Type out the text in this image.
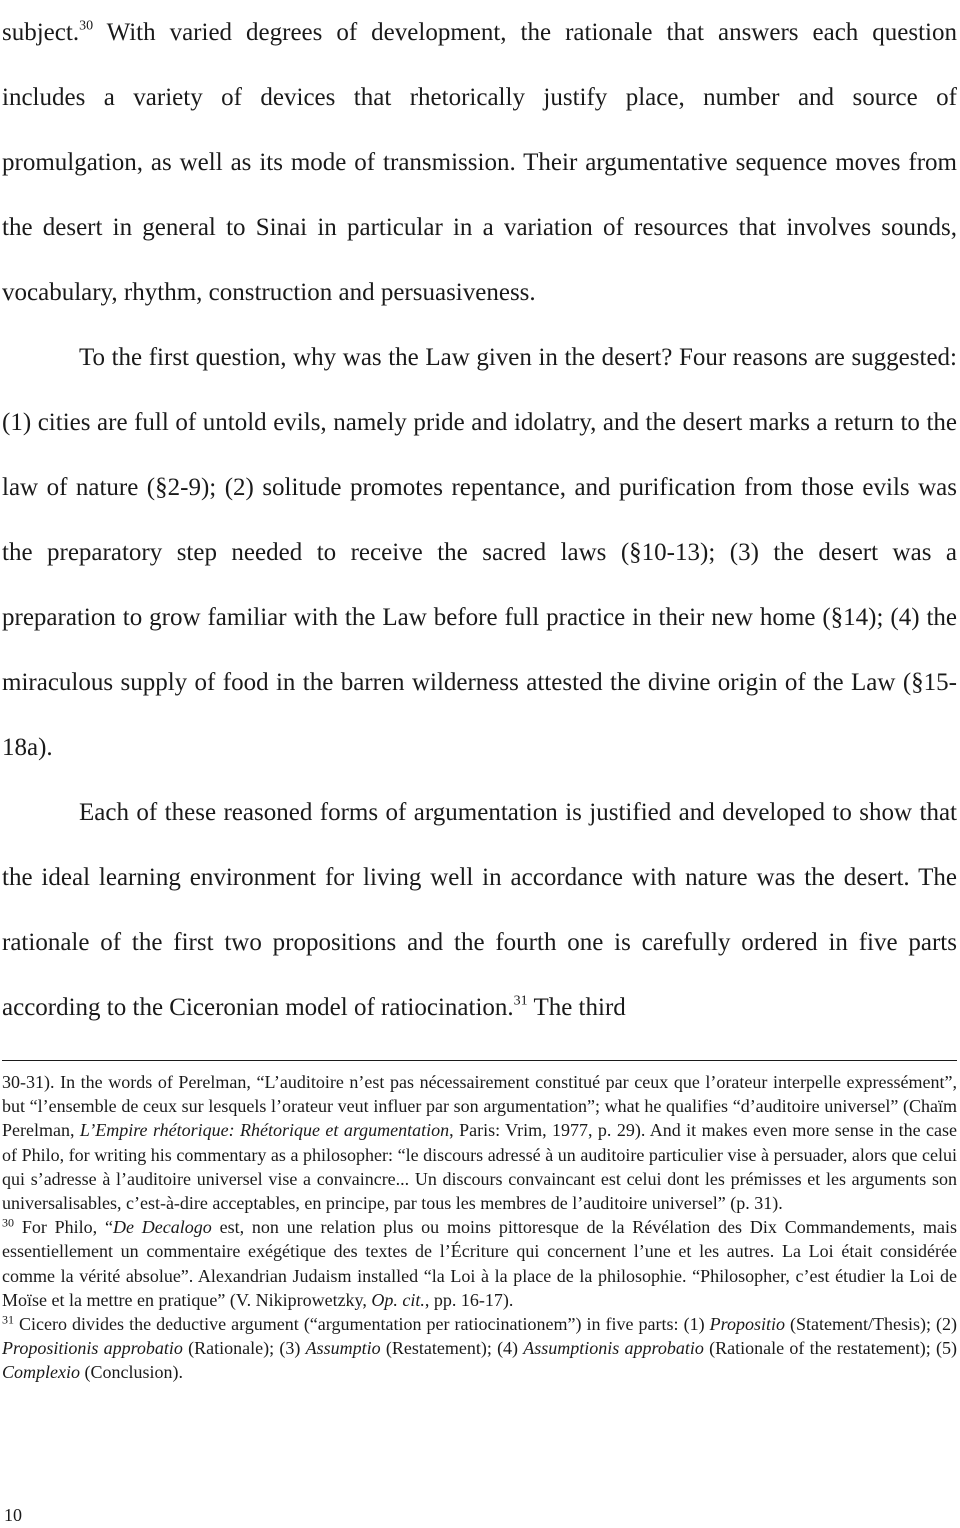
subject.$^{30}$ With varied degrees of development, the rationale that answers each question includes a variety of devices that rhetorically justify place, number and source of promulgation, as well as its mode of transmission. Their argumentative sequence moves from the desert in general to Sinai in particular in a variation of resources that involves sounds, vocabulary, rhythm, construction and persuasiveness.

To the first question, why was the Law given in the desert? Four reasons are suggested: (1) cities are full of untold evils, namely pride and idolatry, and the desert marks a return to the law of nature (§2-9); (2) solitude promotes repentance, and purification from those evils was the preparatory step needed to receive the sacred laws (§10-13); (3) the desert was a preparation to grow familiar with the Law before full practice in their new home (§14); (4) the miraculous supply of food in the barren wilderness attested the divine origin of the Law (§15-18a).

Each of these reasoned forms of argumentation is justified and developed to show that the ideal learning environment for living well in accordance with nature was the desert. The rationale of the first two propositions and the fourth one is carefully ordered in five parts according to the Ciceronian model of ratiocination.$^{31}$ The third

30-31). In the words of Perelman, “L’auditoire n’est pas nécessairement constitué par ceux que l’orateur interpelle expressément”, but “l’ensemble de ceux sur lesquels l’orateur veut influer par son argumentation”; what he qualifies “d’auditoire universel” (Chaïm Perelman, L’Empire rhétorique: Rhétorique et argumentation, Paris: Vrim, 1977, p. 29). And it makes even more sense in the case of Philo, for writing his commentary as a philosopher: “le discours adressé à un auditoire particulier vise à persuader, alors que celui qui s’adresse à l’auditoire universel vise a convaincre... Un discours convaincant est celui dont les prémisses et les arguments son universalisables, c’est-à-dire acceptables, en principe, par tous les membres de l’auditoire universel” (p. 31).

$^{30}$ For Philo, “De Decalogo est, non une relation plus ou moins pittoresque de la Révélation des Dix Commandements, mais essentiellement un commentaire exégétique des textes de l’Écriture qui concernent l’une et les autres. La Loi était considérée comme la vérité absolue”. Alexandrian Judaism installed “la Loi à la place de la philosophie. “Philosopher, c’est étudier la Loi de Moïse et la mettre en pratique” (V. Nikiprowetzky, Op. cit., pp. 16-17).

$^{31}$ Cicero divides the deductive argument (“argumentation per ratiocinationem”) in five parts: (1) Propositio (Statement/Thesis); (2) Propositionis approbatio (Rationale); (3) Assumptio (Restatement); (4) Assumptionis approbatio (Rationale of the restatement); (5) Complexio (Conclusion).

10
